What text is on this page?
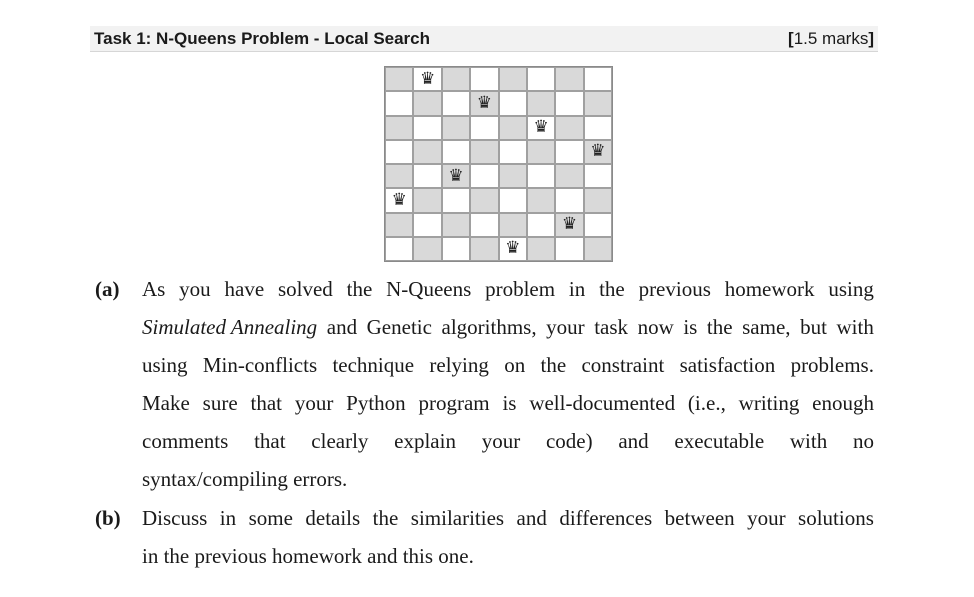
Task 1: N-Queens Problem - Local Search	[1.5 marks]
♛
♛
♛
♛
♛
♛
♛
♛
(a) As you have solved the N-Queens problem in the previous homework using
Simulated Annealing and Genetic algorithms, your task now is the same, but with
using Min-conflicts technique relying on the constraint satisfaction problems.
Make sure that your Python program is well-documented (i.e., writing enough
comments that clearly explain your code) and executable with no
syntax/compiling errors.
(b) Discuss in some details the similarities and differences between your solutions
in the previous homework and this one.
